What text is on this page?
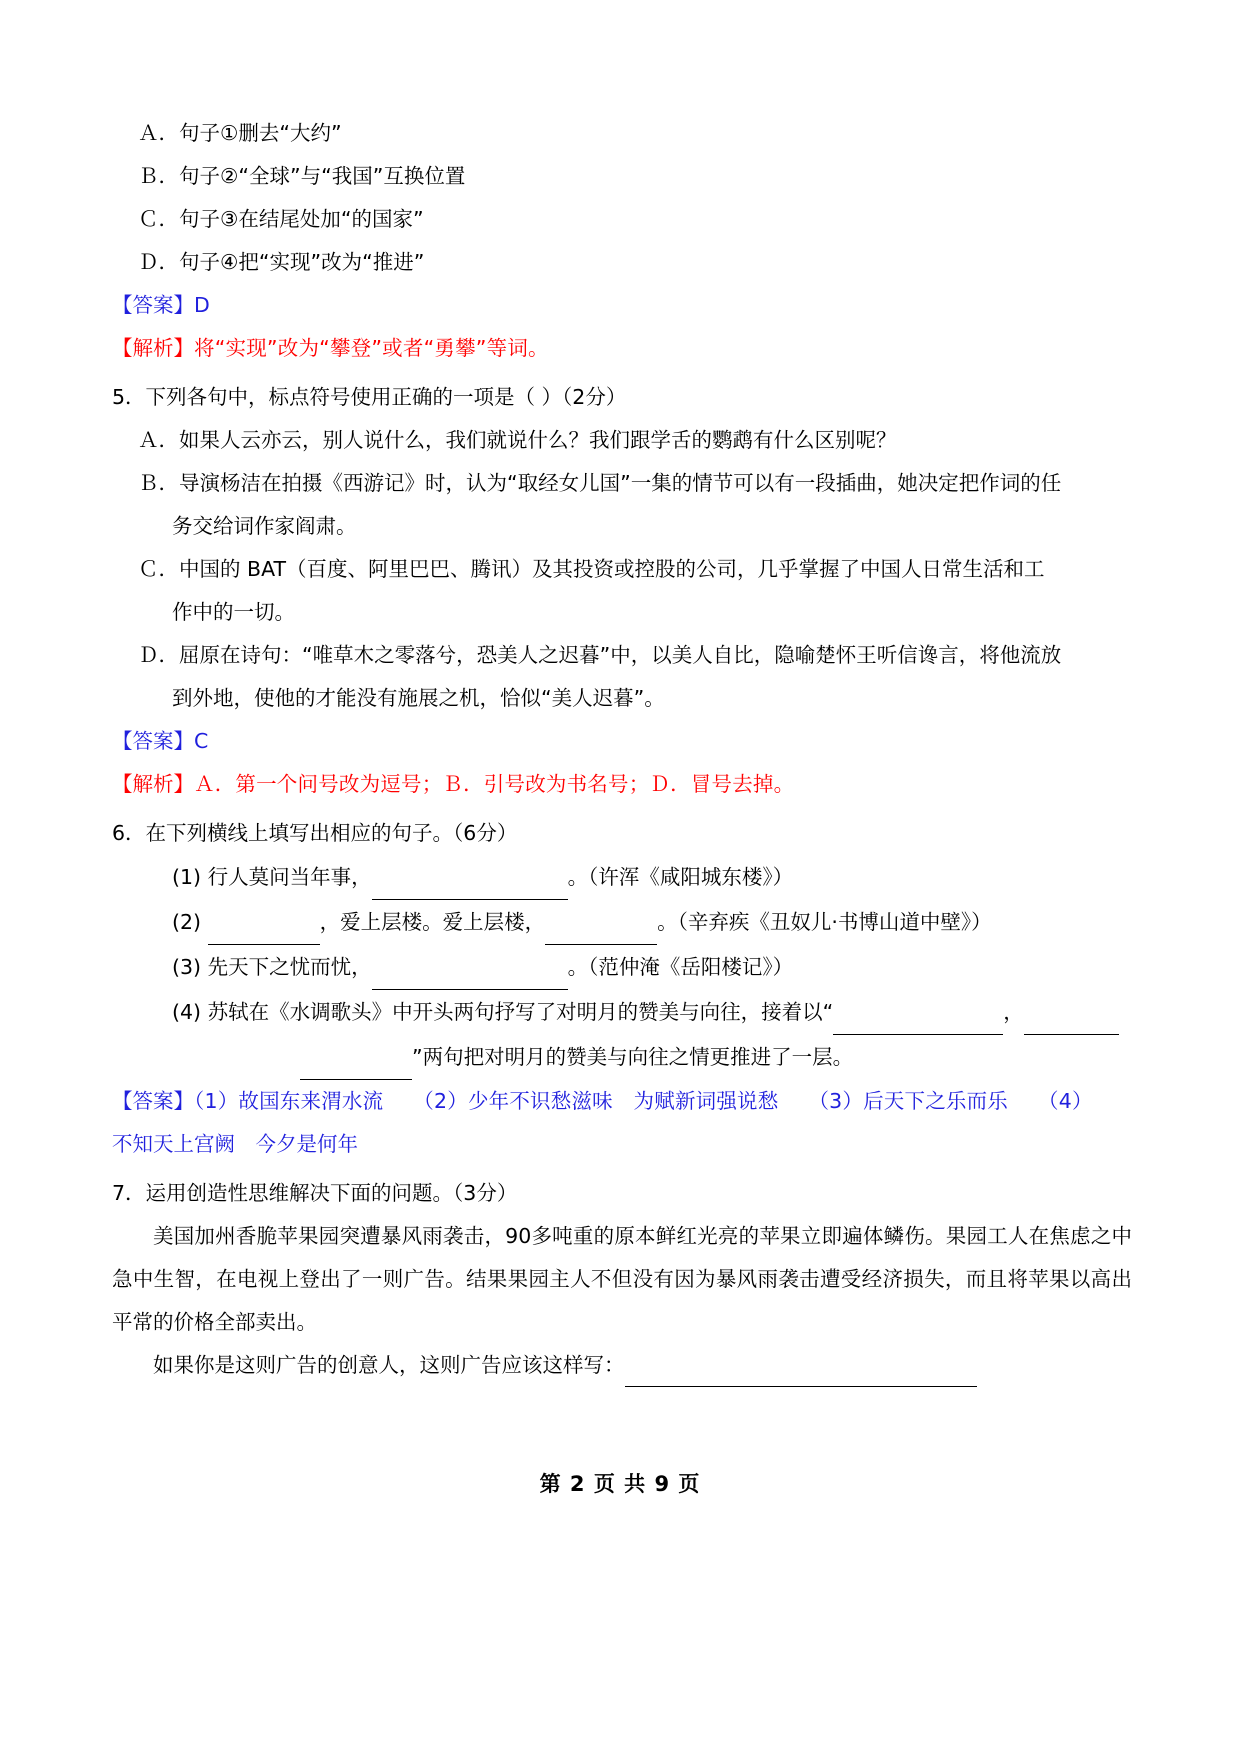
Ａ．句子①删去“大约”
Ｂ．句子②“全球”与“我国”互换位置
Ｃ．句子③在结尾处加“的国家”
Ｄ．句子④把“实现”改为“推进”
【答案】D
【解析】将“实现”改为“攀登”或者“勇攀”等词。
5．下列各句中，标点符号使用正确的一项是（ ）（2分）
Ａ．如果人云亦云，别人说什么，我们就说什么？我们跟学舌的鹦鹉有什么区别呢？
Ｂ．导演杨洁在拍摄《西游记》时，认为“取经女儿国”一集的情节可以有一段插曲，她决定把作词的任
务交给词作家阎肃。
Ｃ．中国的 BAT（百度、阿里巴巴、腾讯）及其投资或控股的公司，几乎掌握了中国人日常生活和工
作中的一切。
Ｄ．屈原在诗句：“唯草木之零落兮，恐美人之迟暮”中，以美人自比，隐喻楚怀王听信谗言，将他流放
到外地，使他的才能没有施展之机，恰似“美人迟暮”。
【答案】C
【解析】Ａ．第一个问号改为逗号；Ｂ．引号改为书名号；Ｄ．冒号去掉。
6．在下列横线上填写出相应的句子。（6分）
(1) 行人莫问当年事，	。（许浑《咸阳城东楼》）
(2)	，爱上层楼。爱上层楼，	。（辛弃疾《丑奴儿·书博山道中壁》）
(3) 先天下之忧而忧，	。（范仲淹《岳阳楼记》）
(4) 苏轼在《水调歌头》中开头两句抒写了对明月的赞美与向往，接着以“	，
”两句把对明月的赞美与向往之情更推进了一层。
【答案】（1）故国东来渭水流 （2）少年不识愁滋味　为赋新词强说愁 （3）后天下之乐而乐 （4）
不知天上宫阙　今夕是何年
7．运用创造性思维解决下面的问题。（3分）
美国加州香脆苹果园突遭暴风雨袭击，90多吨重的原本鲜红光亮的苹果立即遍体鳞伤。果园工人在焦虑之中急中生智，在电视上登出了一则广告。结果果园主人不但没有因为暴风雨袭击遭受经济损失，而且将苹果以高出平常的价格全部卖出。
如果你是这则广告的创意人，这则广告应该这样写：
第 2 页 共 9 页
